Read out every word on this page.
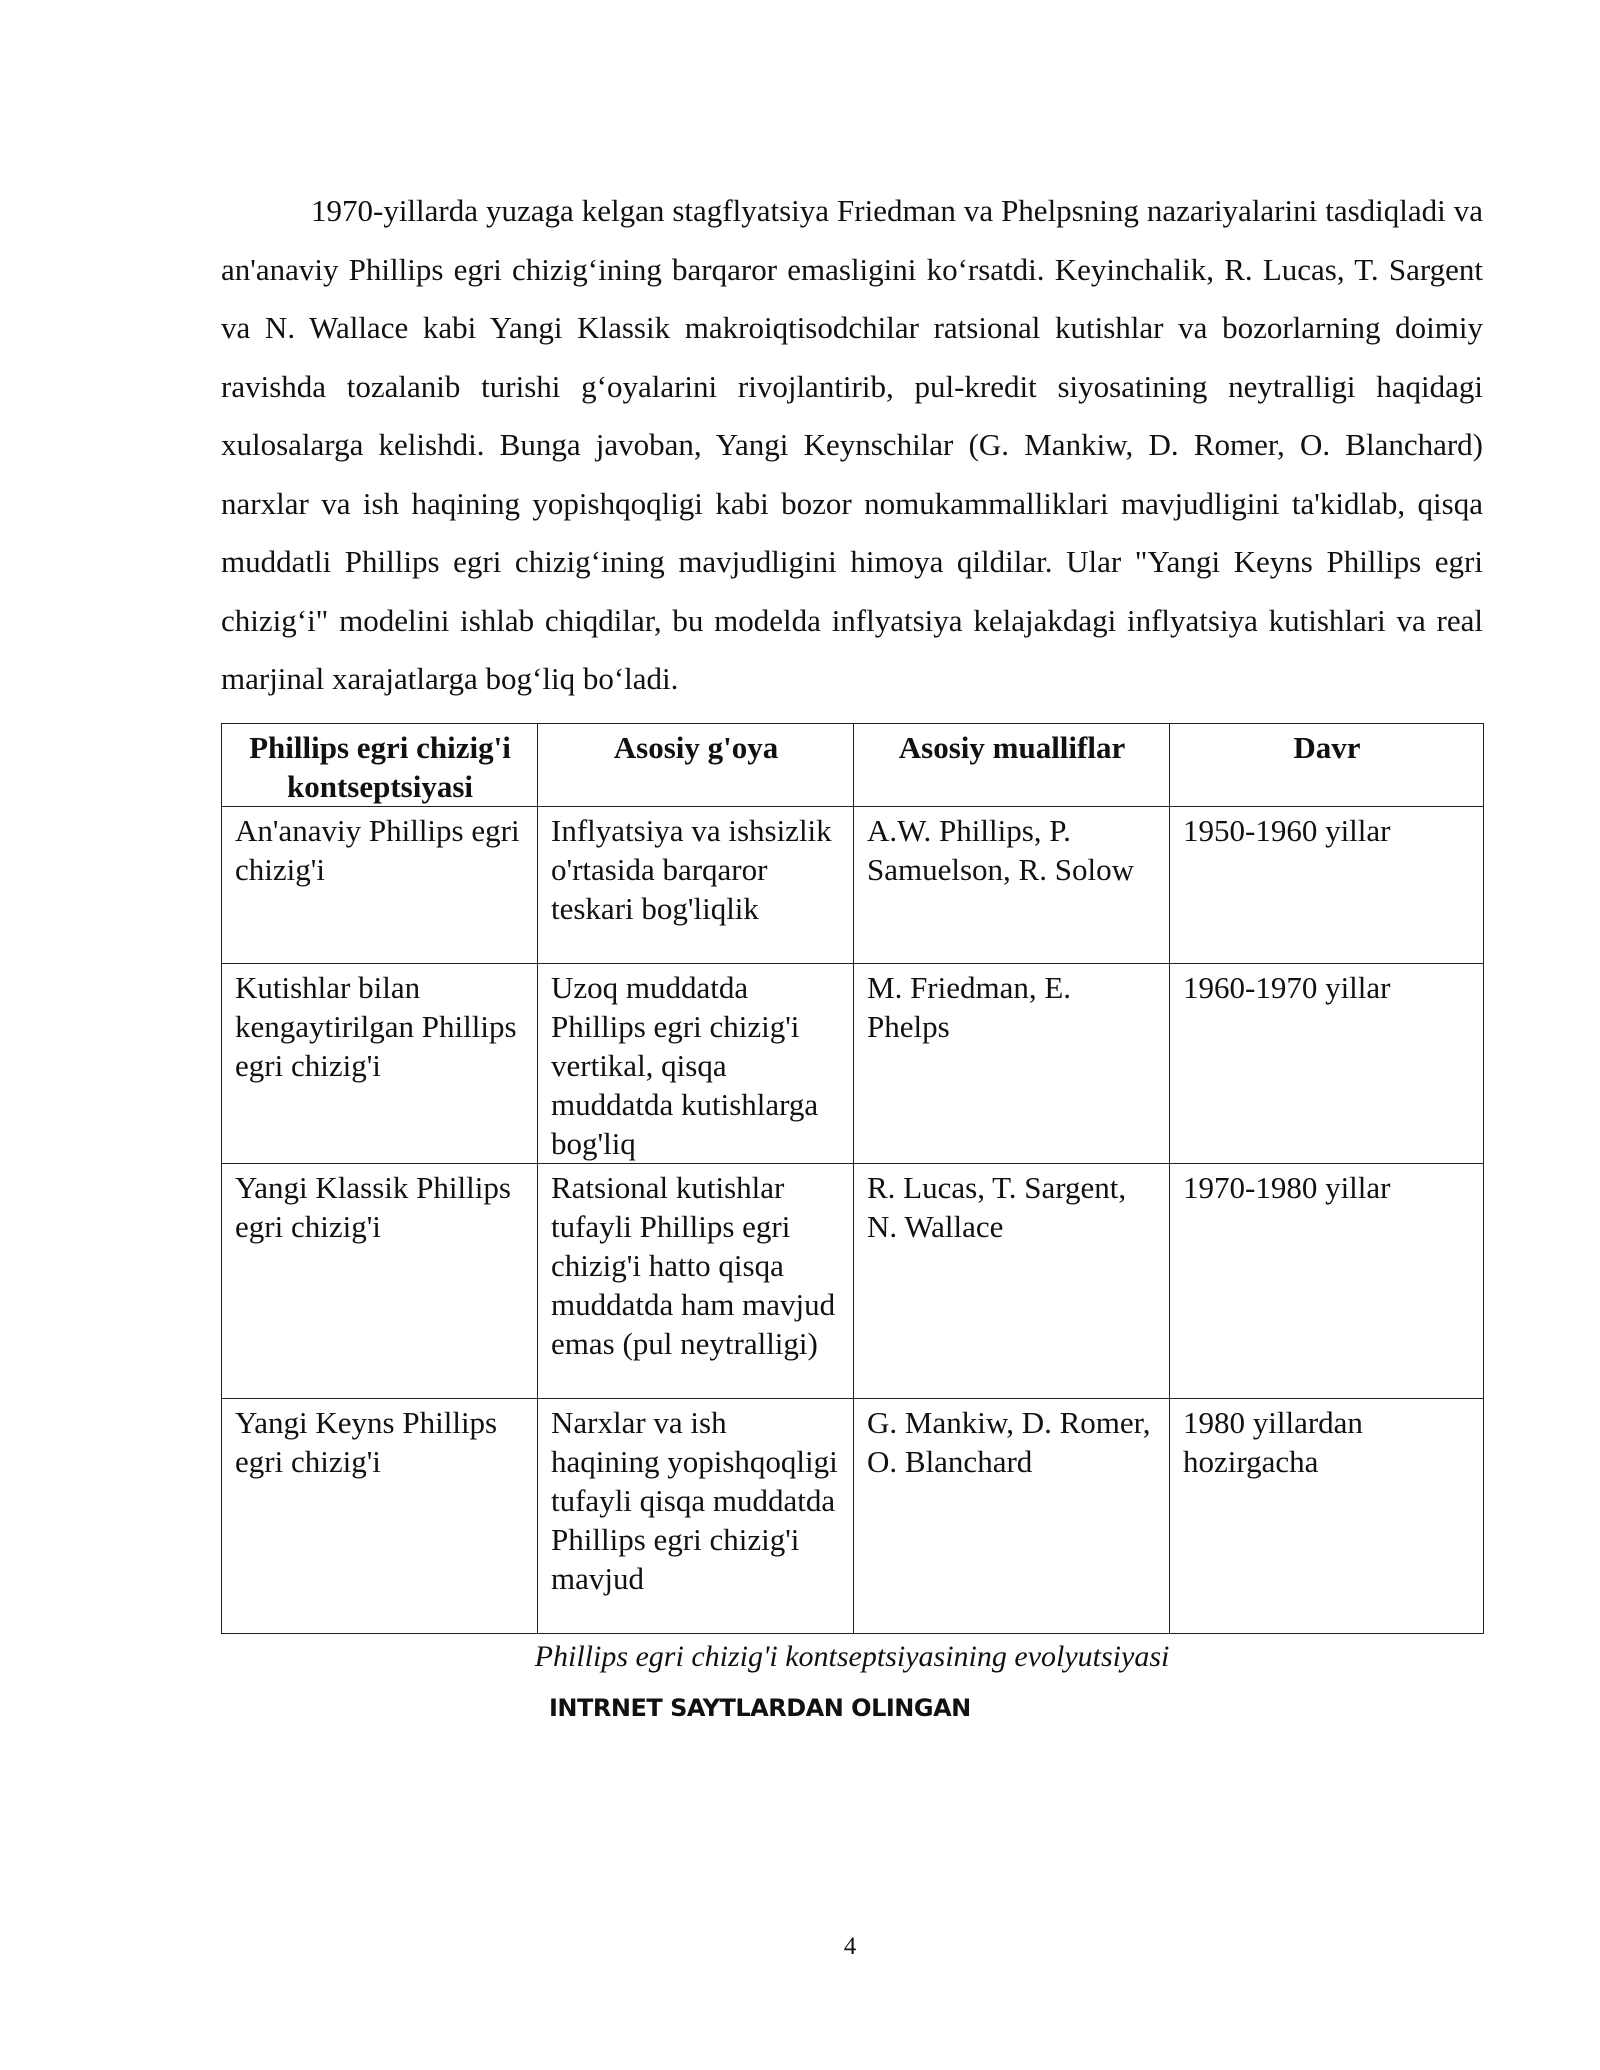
1970-yillarda yuzaga kelgan stagflyatsiya Friedman va Phelpsning nazariyalarini tasdiqladi va an'anaviy Phillips egri chizig‘ining barqaror emasligini ko‘rsatdi. Keyinchalik, R. Lucas, T. Sargent va N. Wallace kabi Yangi Klassik makroiqtisodchilar ratsional kutishlar va bozorlarning doimiy ravishda tozalanib turishi g‘oyalarini rivojlantirib, pul-kredit siyosatining neytralligi haqidagi xulosalarga kelishdi. Bunga javoban, Yangi Keynschilar (G. Mankiw, D. Romer, O. Blanchard) narxlar va ish haqining yopishqoqligi kabi bozor nomukammalliklari mavjudligini ta'kidlab, qisqa muddatli Phillips egri chizig‘ining mavjudligini himoya qildilar. Ular "Yangi Keyns Phillips egri chizig‘i" modelini ishlab chiqdilar, bu modelda inflyatsiya kelajakdagi inflyatsiya kutishlari va real marjinal xarajatlarga bog‘liq bo‘ladi.

Phillips egri chizig'i kontseptsiyasi	Asosiy g'oya	Asosiy mualliflar	Davr
An'anaviy Phillips egri chizig'i	Inflyatsiya va ishsizlik o'rtasida barqaror teskari bog'liqlik	A.W. Phillips, P. Samuelson, R. Solow	1950-1960 yillar
Kutishlar bilan kengaytirilgan Phillips egri chizig'i	Uzoq muddatda Phillips egri chizig'i vertikal, qisqa muddatda kutishlarga bog'liq	M. Friedman, E. Phelps	1960-1970 yillar
Yangi Klassik Phillips egri chizig'i	Ratsional kutishlar tufayli Phillips egri chizig'i hatto qisqa muddatda ham mavjud emas (pul neytralligi)	R. Lucas, T. Sargent, N. Wallace	1970-1980 yillar
Yangi Keyns Phillips egri chizig'i	Narxlar va ish haqining yopishqoqligi tufayli qisqa muddatda Phillips egri chizig'i mavjud	G. Mankiw, D. Romer, O. Blanchard	1980 yillardan hozirgacha
Phillips egri chizig'i kontseptsiyasining evolyutsiyasi
INTRNET SAYTLARDAN OLINGAN
4
